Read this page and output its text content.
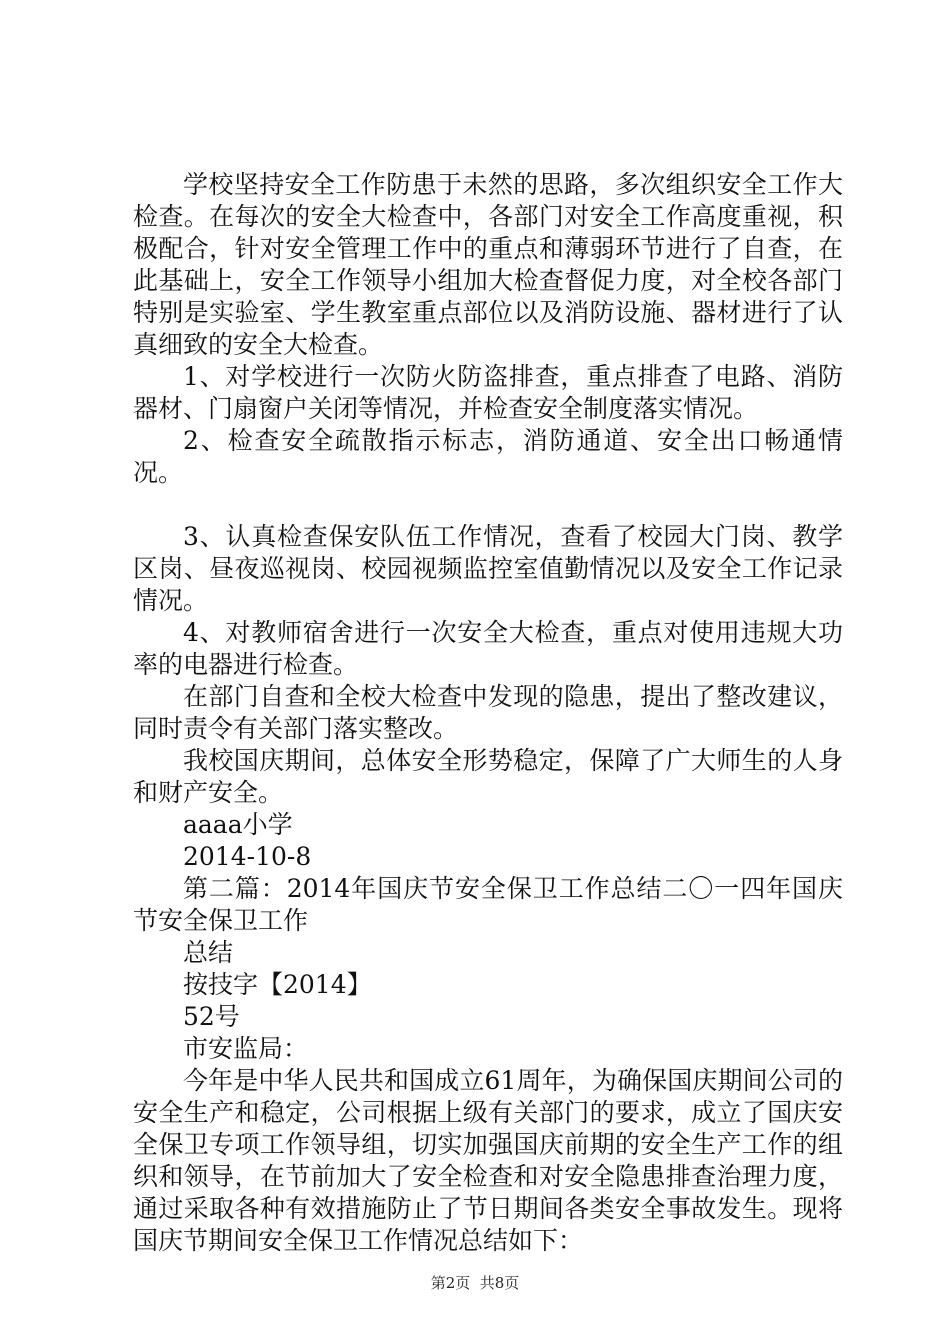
学校坚持安全工作防患于未然的思路，多次组织安全工作大检查。在每次的安全大检查中，各部门对安全工作高度重视，积极配合，针对安全管理工作中的重点和薄弱环节进行了自查，在此基础上，安全工作领导小组加大检查督促力度，对全校各部门特别是实验室、学生教室重点部位以及消防设施、器材进行了认真细致的安全大检查。

1、对学校进行一次防火防盗排查，重点排查了电路、消防器材、门扇窗户关闭等情况，并检查安全制度落实情况。

2、检查安全疏散指示标志，消防通道、安全出口畅通情况。

3、认真检查保安队伍工作情况，查看了校园大门岗、教学区岗、昼夜巡视岗、校园视频监控室值勤情况以及安全工作记录情况。

4、对教师宿舍进行一次安全大检查，重点对使用违规大功率的电器进行检查。

在部门自查和全校大检查中发现的隐患，提出了整改建议，同时责令有关部门落实整改。

我校国庆期间，总体安全形势稳定，保障了广大师生的人身和财产安全。

aaaa小学

2014-10-8

第二篇：2014年国庆节安全保卫工作总结二〇一四年国庆节安全保卫工作

总结

按技字【2014】

52号

市安监局：

今年是中华人民共和国成立61周年，为确保国庆期间公司的安全生产和稳定，公司根据上级有关部门的要求，成立了国庆安全保卫专项工作领导组，切实加强国庆前期的安全生产工作的组织和领导，在节前加大了安全检查和对安全隐患排查治理力度，通过采取各种有效措施防止了节日期间各类安全事故发生。现将国庆节期间安全保卫工作情况总结如下：

第2页  共8页
